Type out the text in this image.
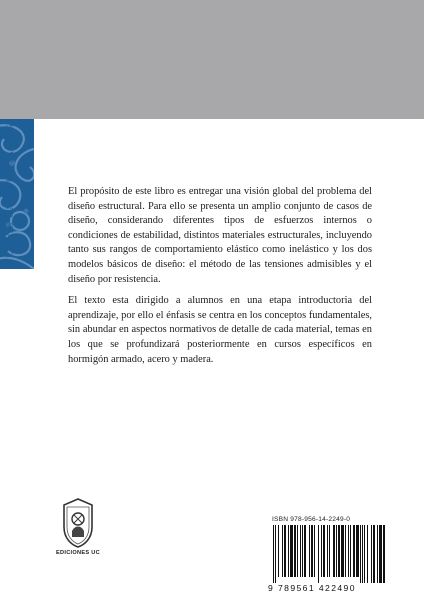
TEXTOS UNIVERSITARIOS	El propósito de este libro es entregar una visión global del problema del diseño estructural. Para ello se presenta un amplio conjunto de casos de diseño, considerando diferentes tipos de esfuerzos internos o condiciones de estabilidad, distintos materiales estructurales, incluyendo tanto sus rangos de comportamiento elástico como inelástico y los dos modelos básicos de diseño: el método de las tensiones admisibles y el diseño por resistencia.

El texto esta dirigido a alumnos en una etapa introductoria del aprendizaje, por ello el énfasis se centra en los conceptos fundamentales, sin abundar en aspectos normativos de detalle de cada material, temas en los que se profundizará posteriormente en cursos específicos en hormigón armado, acero y madera.

EDICIONES UC
ISBN 978-956-14-2249-0
9 789561 422490
